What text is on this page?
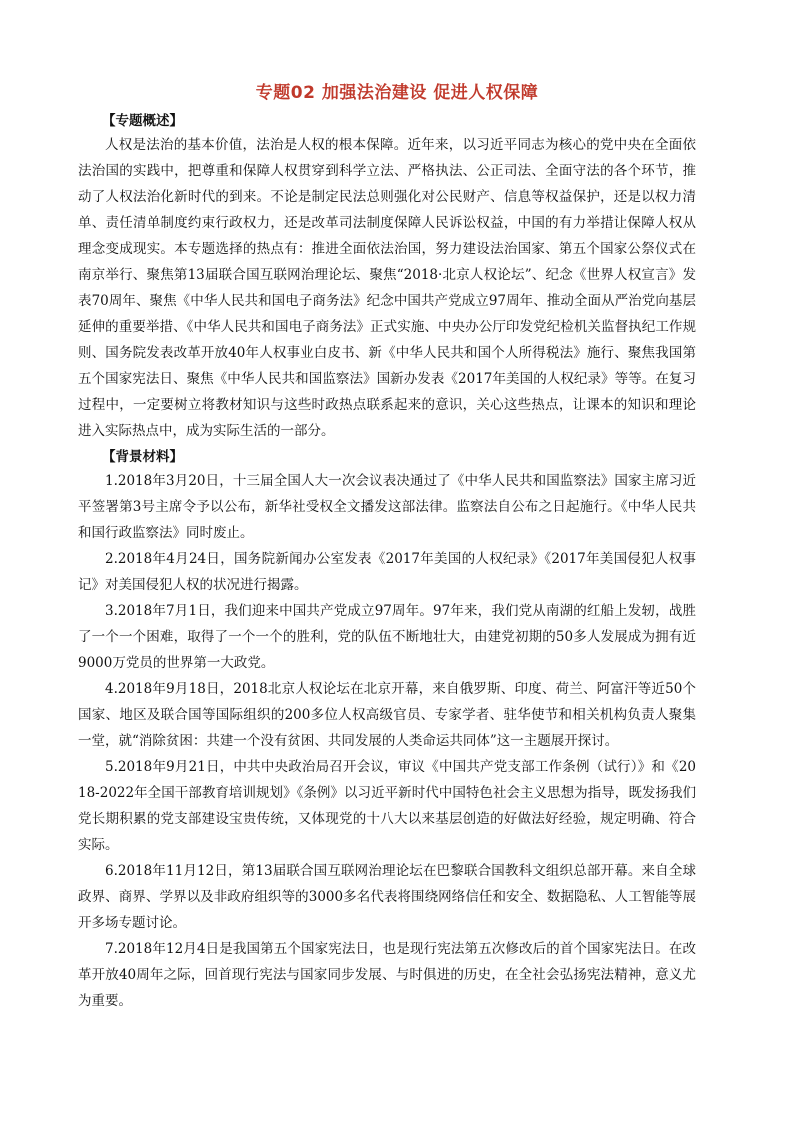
专题02 加强法治建设 促进人权保障
【专题概述】

人权是法治的基本价值，法治是人权的根本保障。近年来，以习近平同志为核心的党中央在全面依法治国的实践中，把尊重和保障人权贯穿到科学立法、严格执法、公正司法、全面守法的各个环节，推动了人权法治化新时代的到来。不论是制定民法总则强化对公民财产、信息等权益保护，还是以权力清单、责任清单制度约束行政权力，还是改革司法制度保障人民诉讼权益，中国的有力举措让保障人权从理念变成现实。本专题选择的热点有：推进全面依法治国，努力建设法治国家、第五个国家公祭仪式在南京举行、聚焦第13届联合国互联网治理论坛、聚焦“2018·北京人权论坛”、纪念《世界人权宣言》发表70周年、聚焦《中华人民共和国电子商务法》纪念中国共产党成立97周年、推动全面从严治党向基层延伸的重要举措、《中华人民共和国电子商务法》正式实施、中央办公厅印发党纪检机关监督执纪工作规则、国务院发表改革开放40年人权事业白皮书、新《中华人民共和国个人所得税法》施行、聚焦我国第五个国家宪法日、聚焦《中华人民共和国监察法》国新办发表《2017年美国的人权纪录》等等。在复习过程中，一定要树立将教材知识与这些时政热点联系起来的意识，关心这些热点，让课本的知识和理论进入实际热点中，成为实际生活的一部分。

【背景材料】

1.2018年3月20日，十三届全国人大一次会议表决通过了《中华人民共和国监察法》国家主席习近平签署第3号主席令予以公布，新华社受权全文播发这部法律。监察法自公布之日起施行。《中华人民共和国行政监察法》同时废止。

2.2018年4月24日，国务院新闻办公室发表《2017年美国的人权纪录》《2017年美国侵犯人权事记》对美国侵犯人权的状况进行揭露。

3.2018年7月1日，我们迎来中国共产党成立97周年。97年来，我们党从南湖的红船上发轫，战胜了一个一个困难，取得了一个一个的胜利，党的队伍不断地壮大，由建党初期的50多人发展成为拥有近9000万党员的世界第一大政党。

4.2018年9月18日，2018北京人权论坛在北京开幕，来自俄罗斯、印度、荷兰、阿富汗等近50个国家、地区及联合国等国际组织的200多位人权高级官员、专家学者、驻华使节和相关机构负责人聚集一堂，就“消除贫困：共建一个没有贫困、共同发展的人类命运共同体”这一主题展开探讨。

5.2018年9月21日，中共中央政治局召开会议，审议《中国共产党支部工作条例（试行）》和《2018-2022年全国干部教育培训规划》《条例》以习近平新时代中国特色社会主义思想为指导，既发扬我们党长期积累的党支部建设宝贵传统，又体现党的十八大以来基层创造的好做法好经验，规定明确、符合实际。

6.2018年11月12日，第13届联合国互联网治理论坛在巴黎联合国教科文组织总部开幕。来自全球政界、商界、学界以及非政府组织等的3000多名代表将围绕网络信任和安全、数据隐私、人工智能等展开多场专题讨论。

7.2018年12月4日是我国第五个国家宪法日，也是现行宪法第五次修改后的首个国家宪法日。在改革开放40周年之际，回首现行宪法与国家同步发展、与时俱进的历史，在全社会弘扬宪法精神，意义尤为重要。
